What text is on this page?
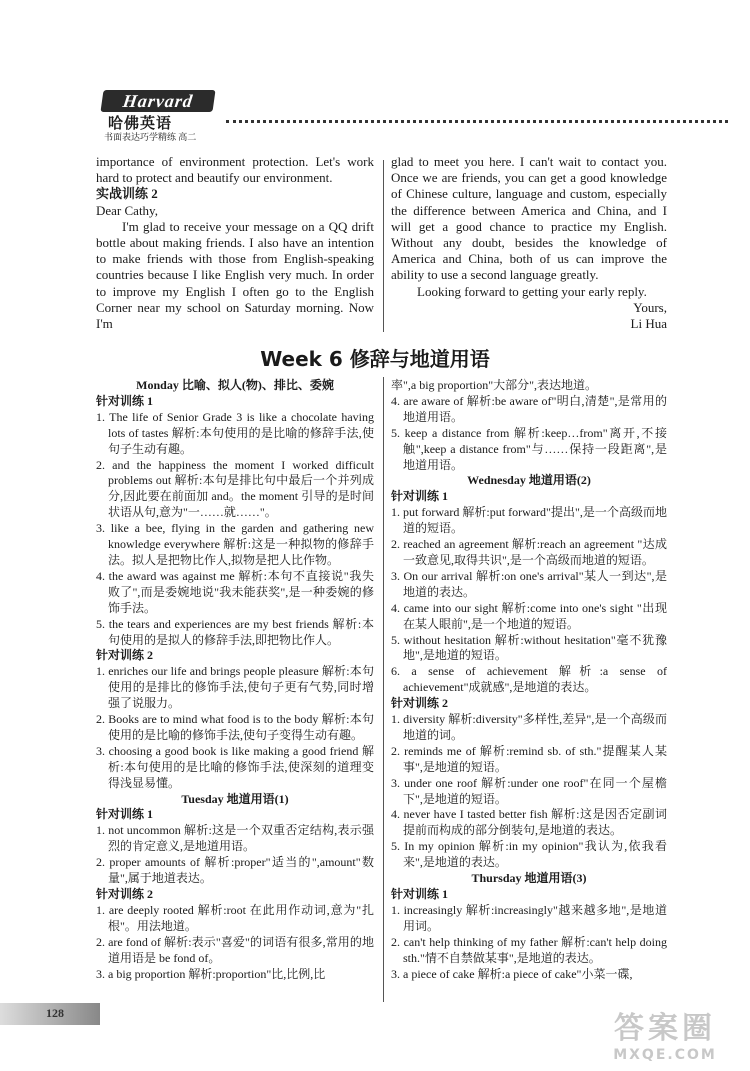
Harvard
哈佛英语
书面表达巧学精练 高二

importance of environment protection. Let's work hard to protect and beautify our environment.

实战训练 2

Dear Cathy,

I'm glad to receive your message on a QQ drift bottle about making friends. I also have an intention to make friends with those from English-speaking countries because I like English very much. In order to improve my English I often go to the English Corner near my school on Saturday morning. Now I'm

glad to meet you here. I can't wait to contact you. Once we are friends, you can get a good knowledge of Chinese culture, language and custom, especially the difference between America and China, and I will get a good chance to practice my English. Without any doubt, besides the knowledge of America and China, both of us can improve the ability to use a second language greatly.

Looking forward to getting your early reply.

Yours,

Li Hua

Week 6 修辞与地道用语

Monday 比喻、拟人(物)、排比、委婉

针对训练 1

1. The life of Senior Grade 3 is like a chocolate having lots of tastes 解析:本句使用的是比喻的修辞手法,使句子生动有趣。

2. and the happiness the moment I worked difficult problems out 解析:本句是排比句中最后一个并列成分,因此要在前面加 and。the moment 引导的是时间状语从句,意为"一……就……"。

3. like a bee, flying in the garden and gathering new knowledge everywhere 解析:这是一种拟物的修辞手法。拟人是把物比作人,拟物是把人比作物。

4. the award was against me 解析:本句不直接说"我失败了",而是委婉地说"我未能获奖",是一种委婉的修饰手法。

5. the tears and experiences are my best friends 解析:本句使用的是拟人的修辞手法,即把物比作人。

针对训练 2

1. enriches our life and brings people pleasure 解析:本句使用的是排比的修饰手法,使句子更有气势,同时增强了说服力。

2. Books are to mind what food is to the body 解析:本句使用的是比喻的修饰手法,使句子变得生动有趣。

3. choosing a good book is like making a good friend 解析:本句使用的是比喻的修饰手法,使深刻的道理变得浅显易懂。

Tuesday 地道用语(1)

针对训练 1

1. not uncommon 解析:这是一个双重否定结构,表示强烈的肯定意义,是地道用语。

2. proper amounts of 解析:proper"适当的",amount"数量",属于地道表达。

针对训练 2

1. are deeply rooted 解析:root 在此用作动词,意为"扎根"。用法地道。

2. are fond of 解析:表示"喜爱"的词语有很多,常用的地道用语是 be fond of。

3. a big proportion 解析:proportion"比,比例,比

率",a big proportion"大部分",表达地道。

4. are aware of 解析:be aware of"明白,清楚",是常用的地道用语。

5. keep a distance from 解析:keep…from"离开,不接触",keep a distance from"与……保持一段距离",是地道用语。

Wednesday 地道用语(2)

针对训练 1

1. put forward 解析:put forward"提出",是一个高级而地道的短语。

2. reached an agreement 解析:reach an agreement "达成一致意见,取得共识",是一个高级而地道的短语。

3. On our arrival 解析:on one's arrival"某人一到达",是地道的表达。

4. came into our sight 解析:come into one's sight "出现在某人眼前",是一个地道的短语。

5. without hesitation 解析:without hesitation"毫不犹豫地",是地道的短语。

6. a sense of achievement 解析:a sense of achievement"成就感",是地道的表达。

针对训练 2

1. diversity 解析:diversity"多样性,差异",是一个高级而地道的词。

2. reminds me of 解析:remind sb. of sth."提醒某人某事",是地道的短语。

3. under one roof 解析:under one roof"在同一个屋檐下",是地道的短语。

4. never have I tasted better fish 解析:这是因否定副词提前而构成的部分倒装句,是地道的表达。

5. In my opinion 解析:in my opinion"我认为,依我看来",是地道的表达。

Thursday 地道用语(3)

针对训练 1

1. increasingly 解析:increasingly"越来越多地",是地道用词。

2. can't help thinking of my father 解析:can't help doing sth."情不自禁做某事",是地道的表达。

3. a piece of cake 解析:a piece of cake"小菜一碟,

128	答案圈
MXQE.COM
